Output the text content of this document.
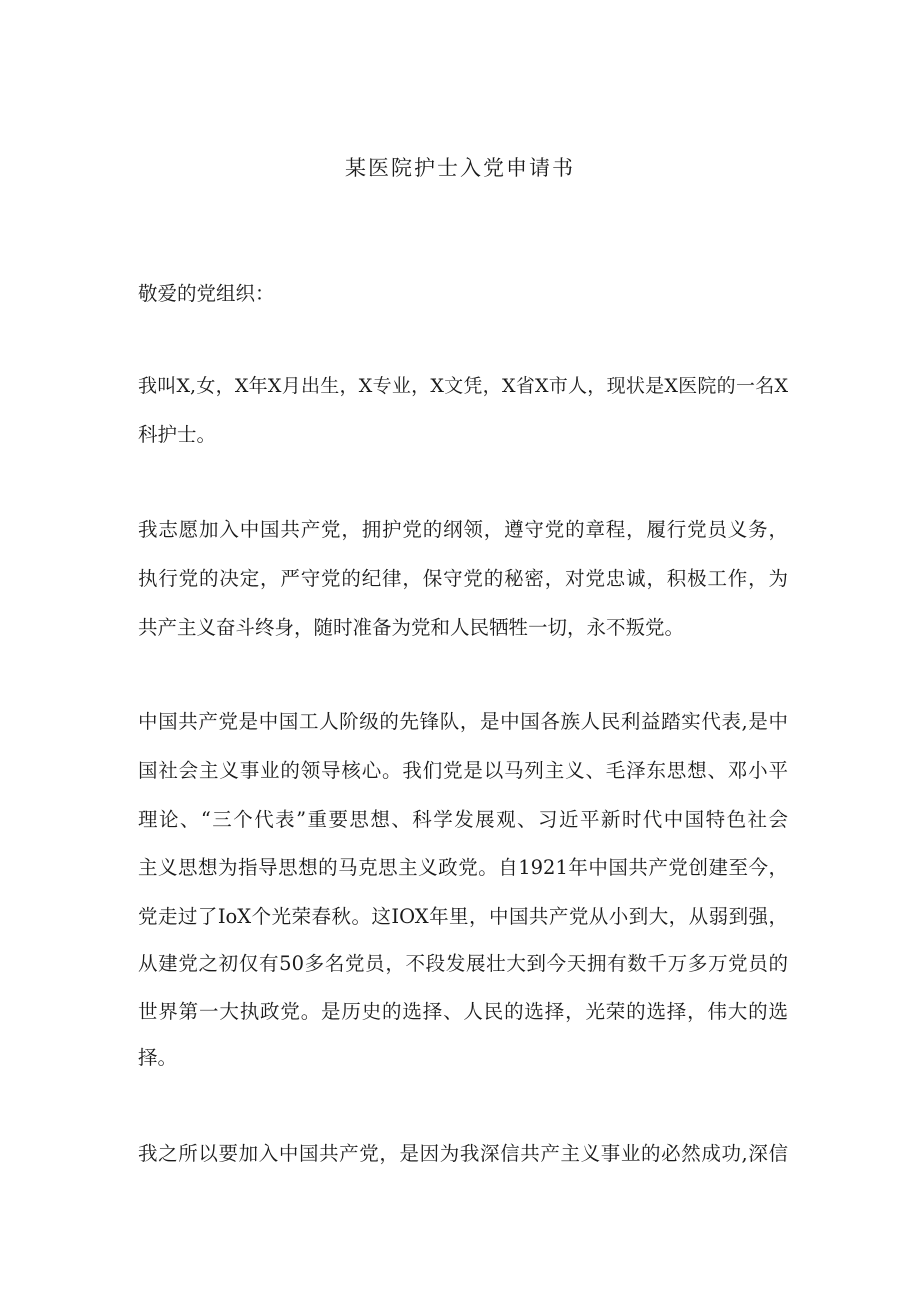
某医院护士入党申请书

敬爱的党组织：

我叫X,女，X年X月出生，X专业，X文凭，X省X市人，现状是X医院的一名X

科护士。

我志愿加入中国共产党，拥护党的纲领，遵守党的章程，履行党员义务，

执行党的决定，严守党的纪律，保守党的秘密，对党忠诚，积极工作，为

共产主义奋斗终身，随时准备为党和人民牺牲一切，永不叛党。

中国共产党是中国工人阶级的先锋队，是中国各族人民利益踏实代表,是中

国社会主义事业的领导核心。我们党是以马列主义、毛泽东思想、邓小平

理论、“三个代表”重要思想、科学发展观、习近平新时代中国特色社会

主义思想为指导思想的马克思主义政党。自1921年中国共产党创建至今，

党走过了IoX个光荣春秋。这IOX年里，中国共产党从小到大，从弱到强，

从建党之初仅有50多名党员，不段发展壮大到今天拥有数千万多万党员的

世界第一大执政党。是历史的选择、人民的选择，光荣的选择，伟大的选

择。

我之所以要加入中国共产党，是因为我深信共产主义事业的必然成功,深信
